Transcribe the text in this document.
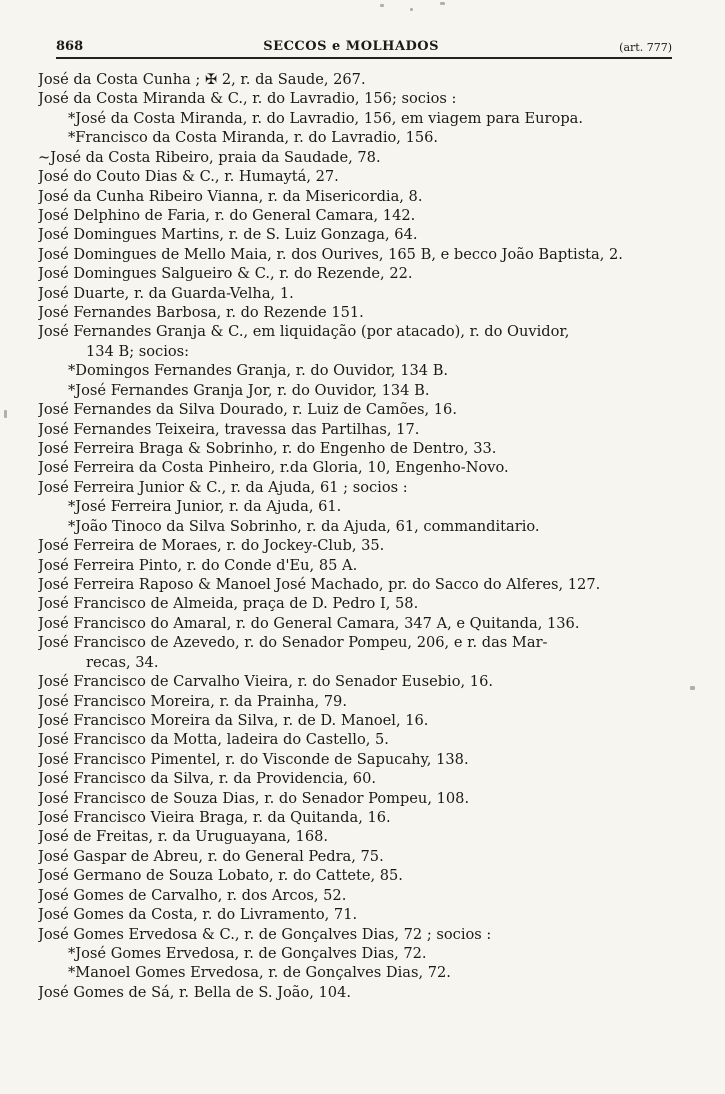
868	SECCOS e MOLHADOS	(art. 777)
José da Costa Cunha ; ✠ 2, r. da Saude, 267.
José da Costa Miranda & C., r. do Lavradio, 156; socios :
*José da Costa Miranda, r. do Lavradio, 156, em viagem para Europa.
*Francisco da Costa Miranda, r. do Lavradio, 156.
~José da Costa Ribeiro, praia da Saudade, 78.
José do Couto Dias & C., r. Humaytá, 27.
José da Cunha Ribeiro Vianna, r. da Misericordia, 8.
José Delphino de Faria, r. do General Camara, 142.
José Domingues Martins, r. de S. Luiz Gonzaga, 64.
José Domingues de Mello Maia, r. dos Ourives, 165 B, e becco João Baptista, 2.
José Domingues Salgueiro & C., r. do Rezende, 22.
José Duarte, r. da Guarda-Velha, 1.
José Fernandes Barbosa, r. do Rezende 151.
José Fernandes Granja & C., em liquidação (por atacado), r. do Ouvidor,
134 B; socios:
*Domingos Fernandes Granja, r. do Ouvidor, 134 B.
*José Fernandes Granja Jor, r. do Ouvidor, 134 B.
José Fernandes da Silva Dourado, r. Luiz de Camões, 16.
José Fernandes Teixeira, travessa das Partilhas, 17.
José Ferreira Braga & Sobrinho, r. do Engenho de Dentro, 33.
José Ferreira da Costa Pinheiro, r.da Gloria, 10, Engenho-Novo.
José Ferreira Junior & C., r. da Ajuda, 61 ; socios :
*José Ferreira Junior, r. da Ajuda, 61.
*João Tinoco da Silva Sobrinho, r. da Ajuda, 61, commanditario.
José Ferreira de Moraes, r. do Jockey-Club, 35.
José Ferreira Pinto, r. do Conde d'Eu, 85 A.
José Ferreira Raposo & Manoel José Machado, pr. do Sacco do Alferes, 127.
José Francisco de Almeida, praça de D. Pedro I, 58.
José Francisco do Amaral, r. do General Camara, 347 A, e Quitanda, 136.
José Francisco de Azevedo, r. do Senador Pompeu, 206, e r. das Mar-
recas, 34.
José Francisco de Carvalho Vieira, r. do Senador Eusebio, 16.
José Francisco Moreira, r. da Prainha, 79.
José Francisco Moreira da Silva, r. de D. Manoel, 16.
José Francisco da Motta, ladeira do Castello, 5.
José Francisco Pimentel, r. do Visconde de Sapucahy, 138.
José Francisco da Silva, r. da Providencia, 60.
José Francisco de Souza Dias, r. do Senador Pompeu, 108.
José Francisco Vieira Braga, r. da Quitanda, 16.
José de Freitas, r. da Uruguayana, 168.
José Gaspar de Abreu, r. do General Pedra, 75.
José Germano de Souza Lobato, r. do Cattete, 85.
José Gomes de Carvalho, r. dos Arcos, 52.
José Gomes da Costa, r. do Livramento, 71.
José Gomes Ervedosa & C., r. de Gonçalves Dias, 72 ; socios :
*José Gomes Ervedosa, r. de Gonçalves Dias, 72.
*Manoel Gomes Ervedosa, r. de Gonçalves Dias, 72.
José Gomes de Sá, r. Bella de S. João, 104.
